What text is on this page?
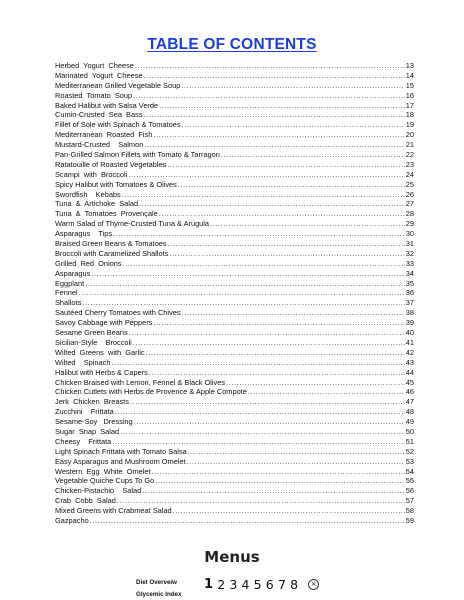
TABLE OF CONTENTS
Herbed  Yogurt  Cheese .....	13
Marinated  Yogurt  Cheese .....	14
Mediterranean Grilled Vegetable Soup .....	15
Roasted  Tomato  Soup .....	16
Baked Halibut with Salsa Verde .....	17
Cumin-Crusted  Sea  Bass .....	18
Fillet of Sole with Spinach & Tomatoes .....	19
Mediterranean  Roasted  Fish .....	20
Mustard-Crusted    Salmon .....	21
Pan-Grilled Salmon Fillets with Tomato & Tarragon .....	22
Ratatouille of Roasted Vegetables .....	23
Scampi  with  Broccoli .....	24
Spicy Halibut with Tomatoes & Olives .....	25
Swordfish    Kebabs .....	26
Tuna  &  Artichoke  Salad .....	27
Tuna  &  Tomatoes  Provençale .....	28
Warm Salad of Thyme-Crusted Tuna & Arugula .....	29
Asparagus    Tips .....	30
Braised Green Beans & Tomatoes .....	31
Broccoli with Caramelized Shallots .....	32
Grilled  Red  Onions .....	33
Asparagus .....	34
Eggplant .....	35
Fennel .....	36
Shallots .....	37
Sautéed Cherry Tomatoes with Chives .....	38
Savoy Cabbage with Peppers .....	39
Sesame Green Beans .....	40
Sicilian-Style    Broccoli .....	41
Wilted  Greens  with  Garlic .....	42
Wilted    Spinach .....	43
Halibut with Herbs & Capers .....	44
Chicken Braised with Lemon, Fennel & Black Olives .....	45
Chicken Cutlets with Herbs de Provence & Apple Compote .....	46
Jerk  Chicken  Breasts .....	47
Zucchini    Frittata .....	48
Sesame-Soy   Dressing .....	49
Sugar  Snap  Salad .....	50
Cheesy    Frittata .....	51
Light Spinach Frittata with Tomato Salsa .....	52
Easy Asparagus and Mushroom Omelet .....	53
Western  Egg  White  Omelet .....	54
Vegetable Quiche Cups To Go .....	55
Chicken-Pistachio    Salad .....	56
Crab  Cobb  Salad .....	57
Mixed Greens with Crabmeat Salad .....	58
Gazpacho .....	59
Menus
Diet Overveiw
Glycemic Index
1 2 3 4 5 6 7 8	×
